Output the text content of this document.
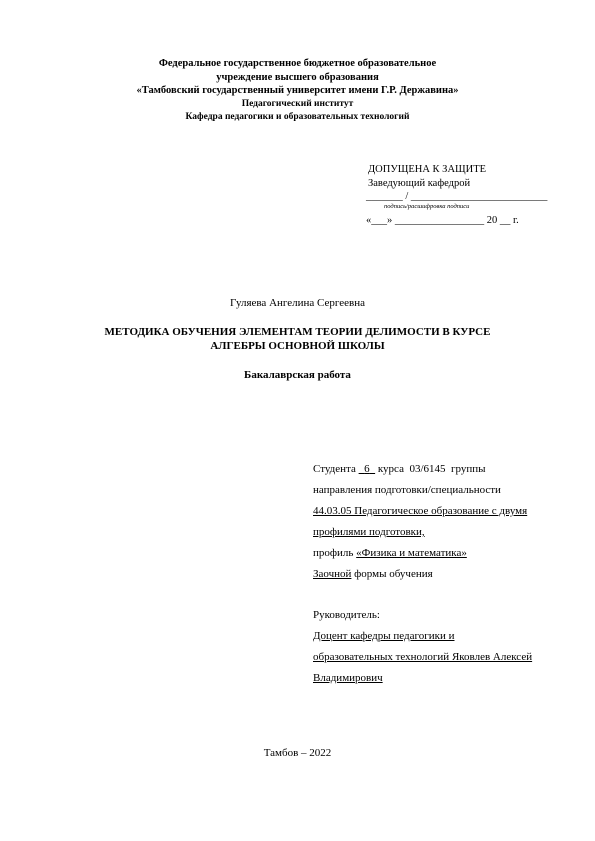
Федеральное государственное бюджетное образовательное
учреждение высшего образования
«Тамбовский государственный университет имени Г.Р. Державина»
Педагогический институт
Кафедра педагогики и образовательных технологий
ДОПУЩЕНА К ЗАЩИТЕ
Заведующий кафедрой
_______ / __________________________
подпись/расшифровка подписи
«___» _________________ 20 __ г.
Гуляева Ангелина Сергеевна
МЕТОДИКА ОБУЧЕНИЯ ЭЛЕМЕНТАМ ТЕОРИИ ДЕЛИМОСТИ В КУРСЕ
АЛГЕБРЫ ОСНОВНОЙ ШКОЛЫ
Бакалаврская работа
Студента 6 курса 03/6145 группы
направления подготовки/специальности
44.03.05 Педагогическое образование с двумя
профилями подготовки,
профиль «Физика и математика»
Заочной формы обучения
Руководитель:
Доцент кафедры педагогики и
образовательных технологий Яковлев Алексей
Владимирович
Тамбов – 2022
